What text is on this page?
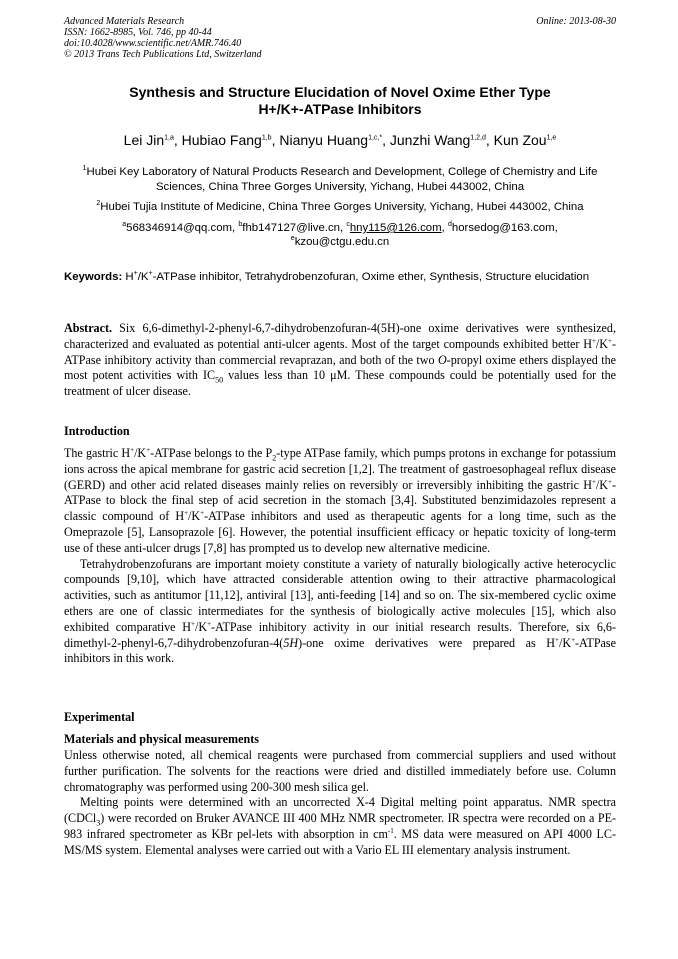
Advanced Materials Research
ISSN: 1662-8985, Vol. 746, pp 40-44
doi:10.4028/www.scientific.net/AMR.746.40
© 2013 Trans Tech Publications Ltd, Switzerland
Online: 2013-08-30
Synthesis and Structure Elucidation of Novel Oxime Ether Type
H+/K+-ATPase Inhibitors
Lei Jin$^{1,a}$, Hubiao Fang$^{1,b}$, Nianyu Huang$^{1,c,*}$, Junzhi Wang$^{1,2,d}$, Kun Zou$^{1,e}$
$^1$Hubei Key Laboratory of Natural Products Research and Development, College of Chemistry and Life Sciences, China Three Gorges University, Yichang, Hubei 443002, China
$^2$Hubei Tujia Institute of Medicine, China Three Gorges University, Yichang, Hubei 443002, China
$^a$568346914@qq.com, $^b$fhb147127@live.cn, $^c$hny115@126.com, $^d$horsedog@163.com,
$^e$kzou@ctgu.edu.cn
Keywords: H+/K+-ATPase inhibitor, Tetrahydrobenzofuran, Oxime ether, Synthesis, Structure elucidation
Abstract. Six 6,6-dimethyl-2-phenyl-6,7-dihydrobenzofuran-4(5H)-one oxime derivatives were synthesized, characterized and evaluated as potential anti-ulcer agents. Most of the target compounds exhibited better H+/K+-ATPase inhibitory activity than commercial revaprazan, and both of the two O-propyl oxime ethers displayed the most potent activities with $IC_{50}$ values less than 10 μM. These compounds could be potentially used for the treatment of ulcer disease.
Introduction

The gastric H+/K+-ATPase belongs to the $P_2$-type ATPase family, which pumps protons in exchange for potassium ions across the apical membrane for gastric acid secretion [1,2]. The treatment of gastroesophageal reflux disease (GERD) and other acid related diseases mainly relies on reversibly or irreversibly inhibiting the gastric H+/K+-ATPase to block the final step of acid secretion in the stomach [3,4]. Substituted benzimidazoles represent a classic compound of H+/K+-ATPase inhibitors and used as therapeutic agents for a long time, such as the Omeprazole [5], Lansoprazole [6]. However, the potential insufficient efficacy or hepatic toxicity of long-term use of these anti-ulcer drugs [7,8] has prompted us to develop new alternative medicine.

Tetrahydrobenzofurans are important moiety constitute a variety of naturally biologically active heterocyclic compounds [9,10], which have attracted considerable attention owing to their attractive pharmacological activities, such as antitumor [11,12], antiviral [13], anti-feeding [14] and so on. The six-membered cyclic oxime ethers are one of classic intermediates for the synthesis of biologically active molecules [15], which also exhibited comparative H+/K+-ATPase inhibitory activity in our initial research results. Therefore, six 6,6-dimethyl-2-phenyl-6,7-dihydrobenzofuran-4(5H)-one oxime derivatives were prepared as H+/K+-ATPase inhibitors in this work.

Experimental
Materials and physical measurements

Unless otherwise noted, all chemical reagents were purchased from commercial suppliers and used without further purification. The solvents for the reactions were dried and distilled immediately before use. Column chromatography was performed using 200-300 mesh silica gel.

Melting points were determined with an uncorrected X-4 Digital melting point apparatus. NMR spectra (CDCl$_3$) were recorded on Bruker AVANCE III 400 MHz NMR spectrometer. IR spectra were recorded on a PE-983 infrared spectrometer as KBr pel-lets with absorption in $cm^{-1}$. MS data were measured on API 4000 LC-MS/MS system. Elemental analyses were carried out with a Vario EL III elementary analysis instrument.
